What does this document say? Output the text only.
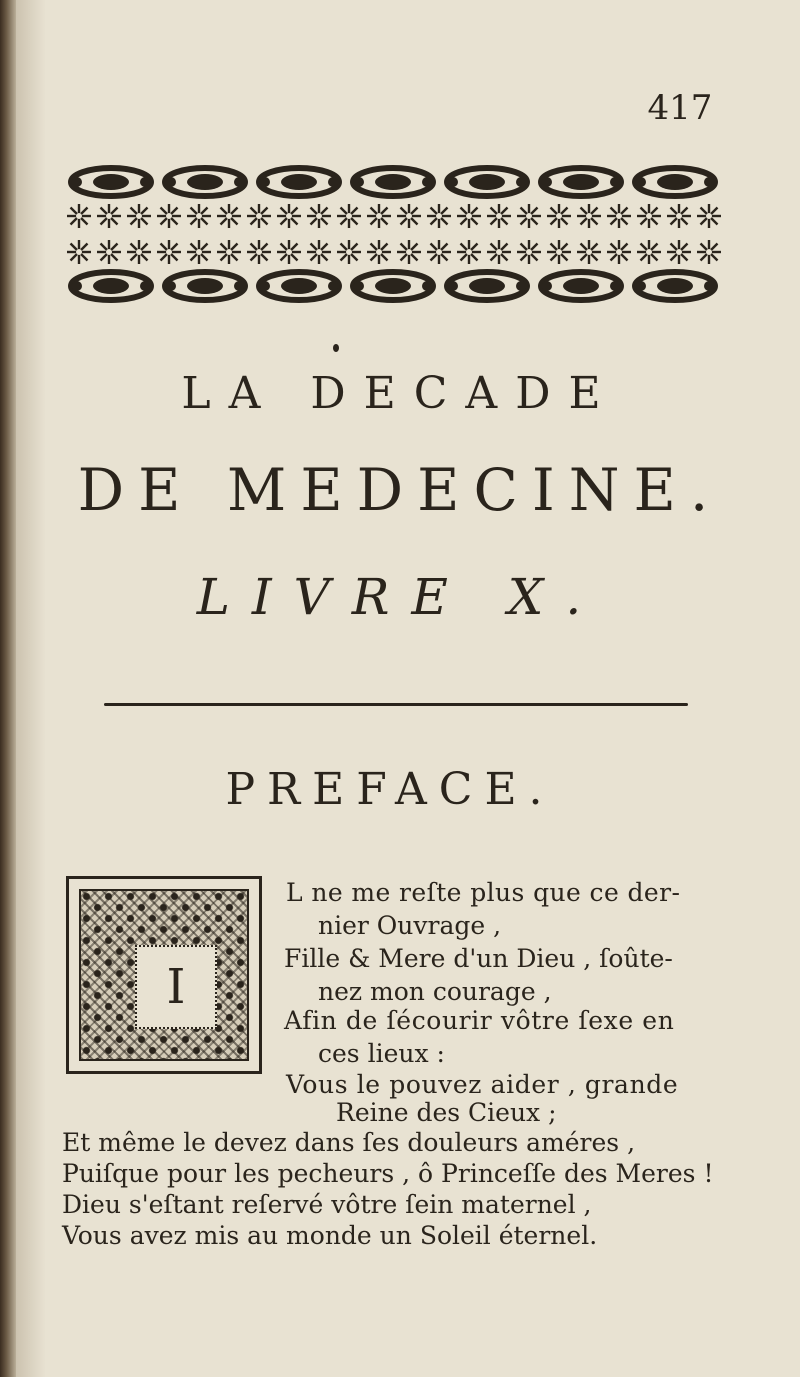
417
LA DECADE
DE MEDECINE.
LIVRE X.
PREFACE.
I
L ne me reſte plus que ce der-
nier Ouvrage ,
Fille & Mere d'un Dieu , ſoûte-
nez mon courage ,
Afin de ſécourir vôtre ſexe en
ces lieux :
Vous le pouvez aider , grande
Reine des Cieux ;
Et même le devez dans ſes douleurs améres ,
Puiſque pour les pecheurs , ô Princeſſe des Meres !
Dieu s'eſtant reſervé vôtre ſein maternel ,
Vous avez mis au monde un Soleil éternel.
